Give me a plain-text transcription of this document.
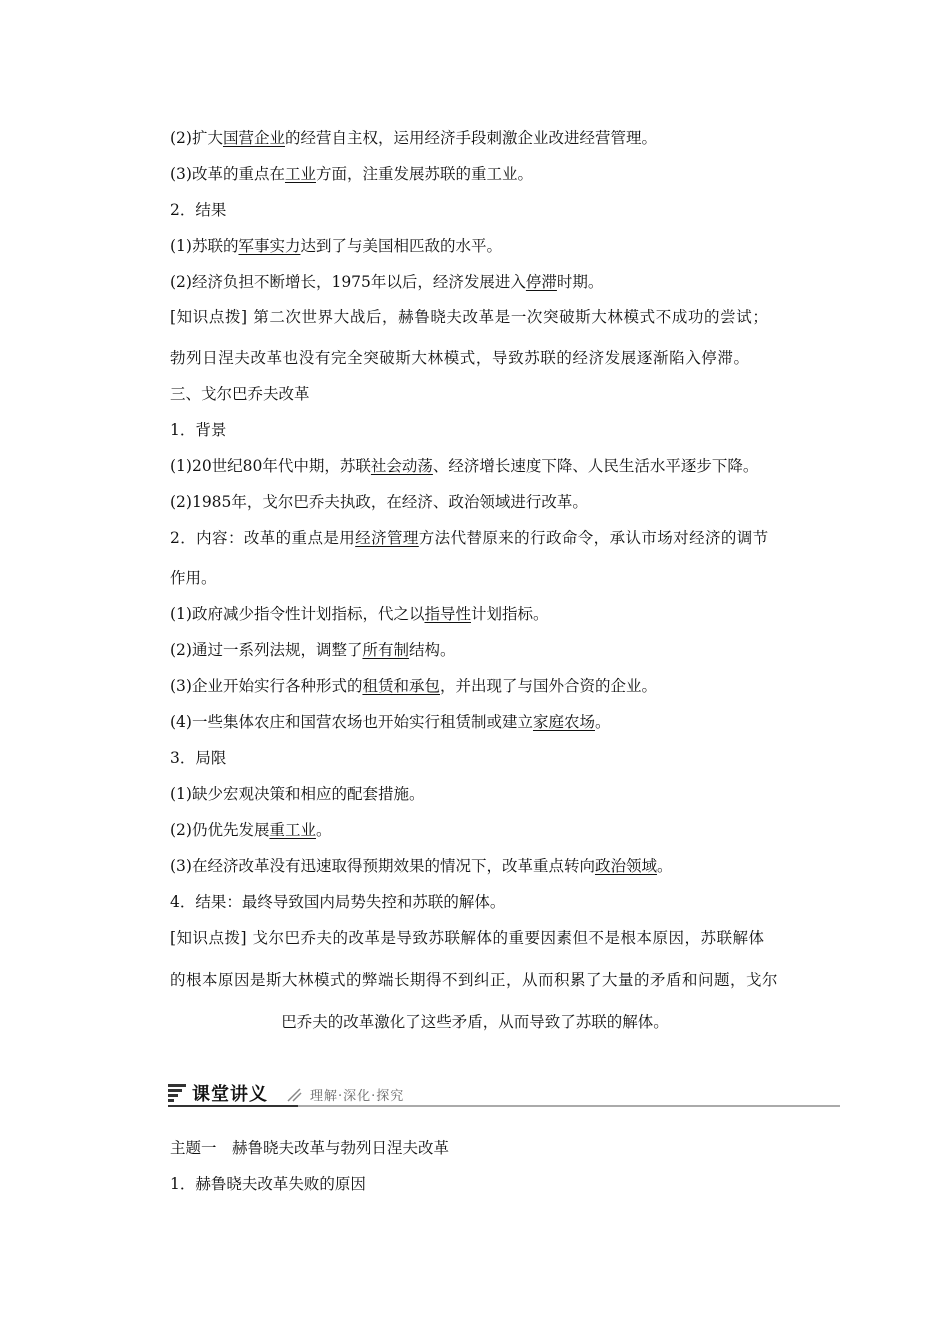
(2)扩大国营企业的经营自主权，运用经济手段刺激企业改进经营管理。
(3)改革的重点在工业方面，注重发展苏联的重工业。
2．结果
(1)苏联的军事实力达到了与美国相匹敌的水平。
(2)经济负担不断增长，1975年以后，经济发展进入停滞时期。
[知识点拨] 第二次世界大战后，赫鲁晓夫改革是一次突破斯大林模式不成功的尝试；
勃列日涅夫改革也没有完全突破斯大林模式，导致苏联的经济发展逐渐陷入停滞。
三、戈尔巴乔夫改革
1．背景
(1)20世纪80年代中期，苏联社会动荡、经济增长速度下降、人民生活水平逐步下降。
(2)1985年，戈尔巴乔夫执政，在经济、政治领域进行改革。
2．内容：改革的重点是用经济管理方法代替原来的行政命令，承认市场对经济的调节
作用。
(1)政府减少指令性计划指标，代之以指导性计划指标。
(2)通过一系列法规，调整了所有制结构。
(3)企业开始实行各种形式的租赁和承包，并出现了与国外合资的企业。
(4)一些集体农庄和国营农场也开始实行租赁制或建立家庭农场。
3．局限
(1)缺少宏观决策和相应的配套措施。
(2)仍优先发展重工业。
(3)在经济改革没有迅速取得预期效果的情况下，改革重点转向政治领域。
4．结果：最终导致国内局势失控和苏联的解体。
[知识点拨] 戈尔巴乔夫的改革是导致苏联解体的重要因素但不是根本原因，苏联解体
的根本原因是斯大林模式的弊端长期得不到纠正，从而积累了大量的矛盾和问题，戈尔
巴乔夫的改革激化了这些矛盾，从而导致了苏联的解体。
课堂讲义	理解·深化·探究
主题一　赫鲁晓夫改革与勃列日涅夫改革
1．赫鲁晓夫改革失败的原因
